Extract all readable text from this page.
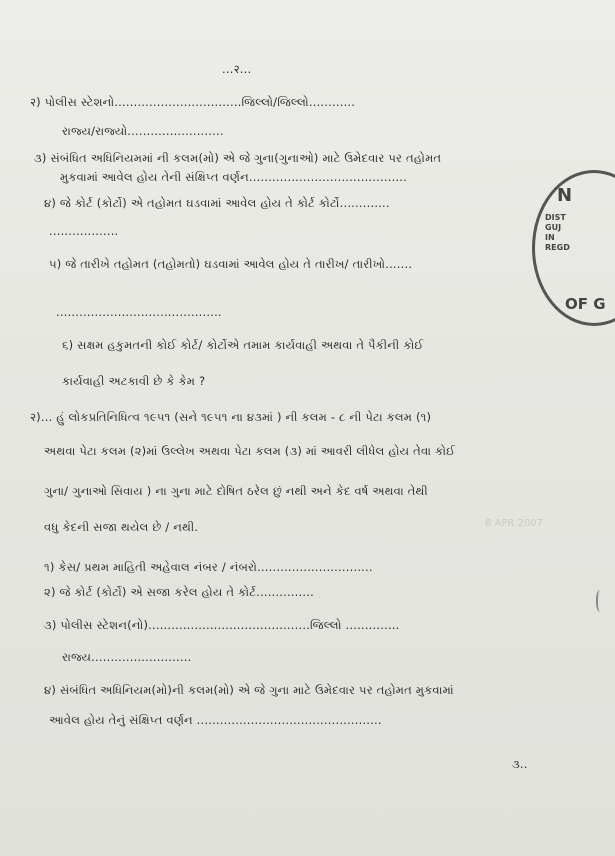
8 APR 2007
...२...
२) પોલીસ સ્ટેશનો.................................જિલ્લો/જિલ્લો............
રાજ્ય/રાજ્યો.........................
૩) સંબંધિત અધિનિયમમાં ની કલમ(મો) એ જે ગુના(ગુનાઓ) માટે ઉમેદવાર પર તહોમત
મુકવામાં આવેલ હોય તેની સંક્ષિપ્ત વર્ણન.........................................
૪) જે કોર્ટ (કોર્ટો) એ તહોમત ઘડવામાં આવેલ હોય તે કોર્ટ કોર્ટો.............
..................
૫) જે તારીખે તહોમત (તહોમતો) ઘડવામાં આવેલ હોય તે તારીખ/ તારીખો.......
...........................................
૬) સક્ષમ હકુમતની કોઈ કોર્ટ/ કોર્ટોએ તમામ કાર્યવાહી અથવા તે પૈકીની કોઈ
કાર્યવાહી અટકાવી છે કે કેમ ?
२)... હું લોકપ્રતિનિધિત્વ ૧૯૫૧ (સને ૧૯૫૧ ના ૪૩માં ) ની કલમ - ૮ ની પેટા કલમ (૧)
અથવા પેટા કલમ (૨)માં ઉલ્લેખ અથવા પેટા કલમ (૩) માં આવરી લીધેલ હોય તેવા કોઈ
ગુના/ ગુનાઓ સિવાય ) ના ગુના માટે દોષિત ઠરેલ છું નથી અને કેદ વર્ષ અથવા તેથી
વધુ કેદની સજા થયેલ છે / નથી.
૧) કેસ/ પ્રથમ માહિતી અહેવાલ નંબર / નંબરો..............................
૨) જે કોર્ટ (કોર્ટો) એ સજા કરેલ હોય તે કોર્ટ...............
૩) પોલીસ સ્ટેશન(નો)..........................................જિલ્લો ..............
રાજ્ય..........................
૪) સંબંધિત અધિનિયમ(મો)ની કલમ(મો) એ જે ગુના માટે ઉમેદવાર પર તહોમત મુકવામાં
આવેલ હોય તેનું સંક્ષિપ્ત વર્ણન ................................................
૩..
N
DIST
GUJ
IN
REGD
OF G
